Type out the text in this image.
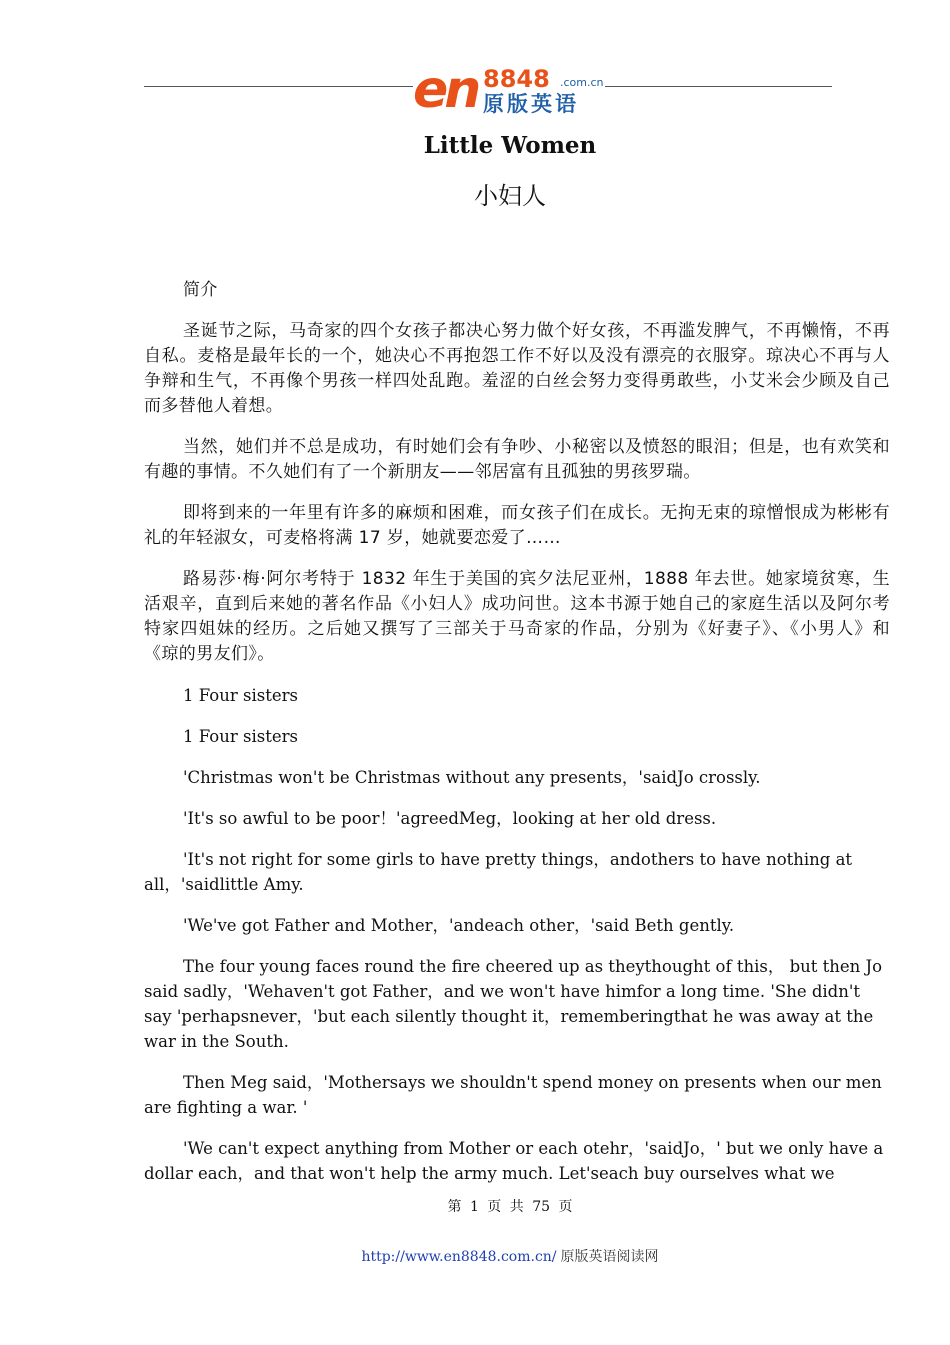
en 8848 .com.cn
原版英语
Little Women
小妇人

简介

圣诞节之际，马奇家的四个女孩子都决心努力做个好女孩，不再滥发脾气，不再懒惰，不再自私。麦格是最年长的一个，她决心不再抱怨工作不好以及没有漂亮的衣服穿。琼决心不再与人争辩和生气，不再像个男孩一样四处乱跑。羞涩的白丝会努力变得勇敢些，小艾米会少顾及自己而多替他人着想。

当然，她们并不总是成功，有时她们会有争吵、小秘密以及愤怒的眼泪；但是，也有欢笑和有趣的事情。不久她们有了一个新朋友——邻居富有且孤独的男孩罗瑞。

即将到来的一年里有许多的麻烦和困难，而女孩子们在成长。无拘无束的琼憎恨成为彬彬有礼的年轻淑女，可麦格将满 17 岁，她就要恋爱了……

路易莎·梅·阿尔考特于 1832 年生于美国的宾夕法尼亚州，1888 年去世。她家境贫寒，生活艰辛，直到后来她的著名作品《小妇人》成功问世。这本书源于她自己的家庭生活以及阿尔考特家四姐妹的经历。之后她又撰写了三部关于马奇家的作品，分别为《好妻子》、《小男人》和《琼的男友们》。

1 Four sisters

1 Four sisters

'Christmas won't be Christmas without any presents，'saidJo crossly.

'It's so awful to be poor！'agreedMeg，looking at her old dress.

'It's not right for some girls to have pretty things，andothers to have nothing at all，'saidlittle Amy.

'We've got Father and Mother，'andeach other，'said Beth gently.

The four young faces round the fire cheered up as theythought of this， but then Jo said sadly，'Wehaven't got Father，and we won't have himfor a long time. 'She didn't say 'perhapsnever，'but each silently thought it，rememberingthat he was away at the war in the South.

Then Meg said，'Mothersays we shouldn't spend money on presents when our men are fighting a war. '

'We can't expect anything from Mother or each otehr，'saidJo，' but we only have a dollar each，and that won't help the army much. Let'seach buy ourselves what we

第 1 页 共 75 页
http://www.en8848.com.cn/ 原版英语阅读网
